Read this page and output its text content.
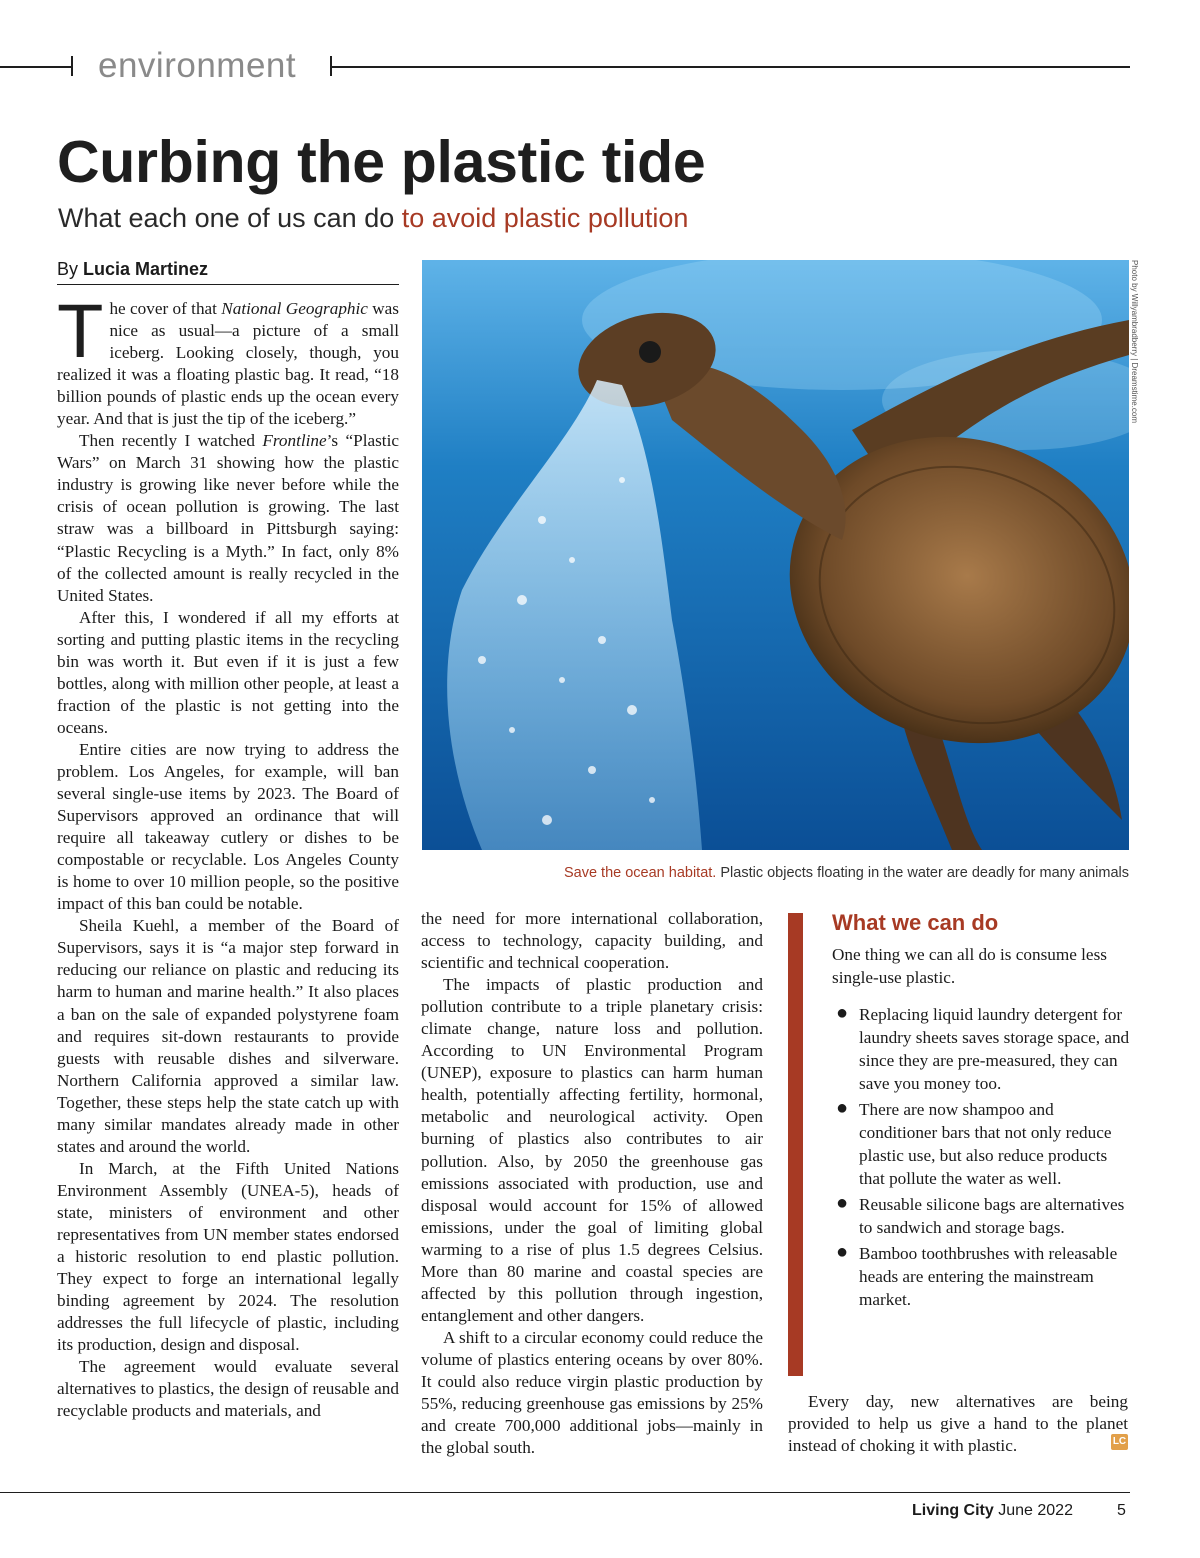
environment
Curbing the plastic tide
What each one of us can do to avoid plastic pollution
By Lucia Martinez

The cover of that National Geographic was nice as usual—a picture of a small iceberg. Looking closely, though, you realized it was a floating plastic bag. It read, “18 billion pounds of plastic ends up the ocean every year. And that is just the tip of the iceberg.”

Then recently I watched Frontline’s “Plastic Wars” on March 31 showing how the plastic industry is growing like never before while the crisis of ocean pollution is growing. The last straw was a billboard in Pittsburgh saying: “Plastic Recycling is a Myth.” In fact, only 8% of the collected amount is really recycled in the United States.

After this, I wondered if all my efforts at sorting and putting plastic items in the recycling bin was worth it. But even if it is just a few bottles, along with million other people, at least a fraction of the plastic is not getting into the oceans.

Entire cities are now trying to address the problem. Los Angeles, for example, will ban several single-use items by 2023. The Board of Supervisors approved an ordinance that will require all takeaway cutlery or dishes to be compostable or recyclable. Los Angeles County is home to over 10 million people, so the positive impact of this ban could be notable.

Sheila Kuehl, a member of the Board of Supervisors, says it is “a major step forward in reducing our reliance on plastic and reducing its harm to human and marine health.” It also places a ban on the sale of expanded polystyrene foam and requires sit-down restaurants to provide guests with reusable dishes and silverware. Northern California approved a similar law. Together, these steps help the state catch up with many similar mandates already made in other states and around the world.

In March, at the Fifth United Nations Environment Assembly (UNEA-5), heads of state, ministers of environment and other representatives from UN member states endorsed a historic resolution to end plastic pollution. They expect to forge an international legally binding agreement by 2024. The resolution addresses the full lifecycle of plastic, including its production, design and disposal.

The agreement would evaluate several alternatives to plastics, the design of reusable and recyclable products and materials, and

Photo by Willyambradberry | Dreamstime.com
Save the ocean habitat. Plastic objects floating in the water are deadly for many animals

the need for more international collaboration, access to technology, capacity building, and scientific and technical cooperation.

The impacts of plastic production and pollution contribute to a triple planetary crisis: climate change, nature loss and pollution. According to UN Environmental Program (UNEP), exposure to plastics can harm human health, potentially affecting fertility, hormonal, metabolic and neurological activity. Open burning of plastics also contributes to air pollution. Also, by 2050 the greenhouse gas emissions associated with production, use and disposal would account for 15% of allowed emissions, under the goal of limiting global warming to a rise of plus 1.5 degrees Celsius. More than 80 marine and coastal species are affected by this pollution through ingestion, entanglement and other dangers.

A shift to a circular economy could reduce the volume of plastics entering oceans by over 80%. It could also reduce virgin plastic production by 55%, reducing greenhouse gas emissions by 25% and create 700,000 additional jobs—mainly in the global south.

What we can do
One thing we can all do is consume less single-use plastic.
● Replacing liquid laundry detergent for laundry sheets saves storage space, and since they are pre-measured, they can save you money too.
● There are now shampoo and conditioner bars that not only reduce plastic use, but also reduce products that pollute the water as well.
● Reusable silicone bags are alternatives to sandwich and storage bags.
● Bamboo toothbrushes with releasable heads are entering the mainstream market.
Every day, new alternatives are being provided to help us give a hand to the planet instead of choking it with plastic.	LC
Living City June 2022	5
